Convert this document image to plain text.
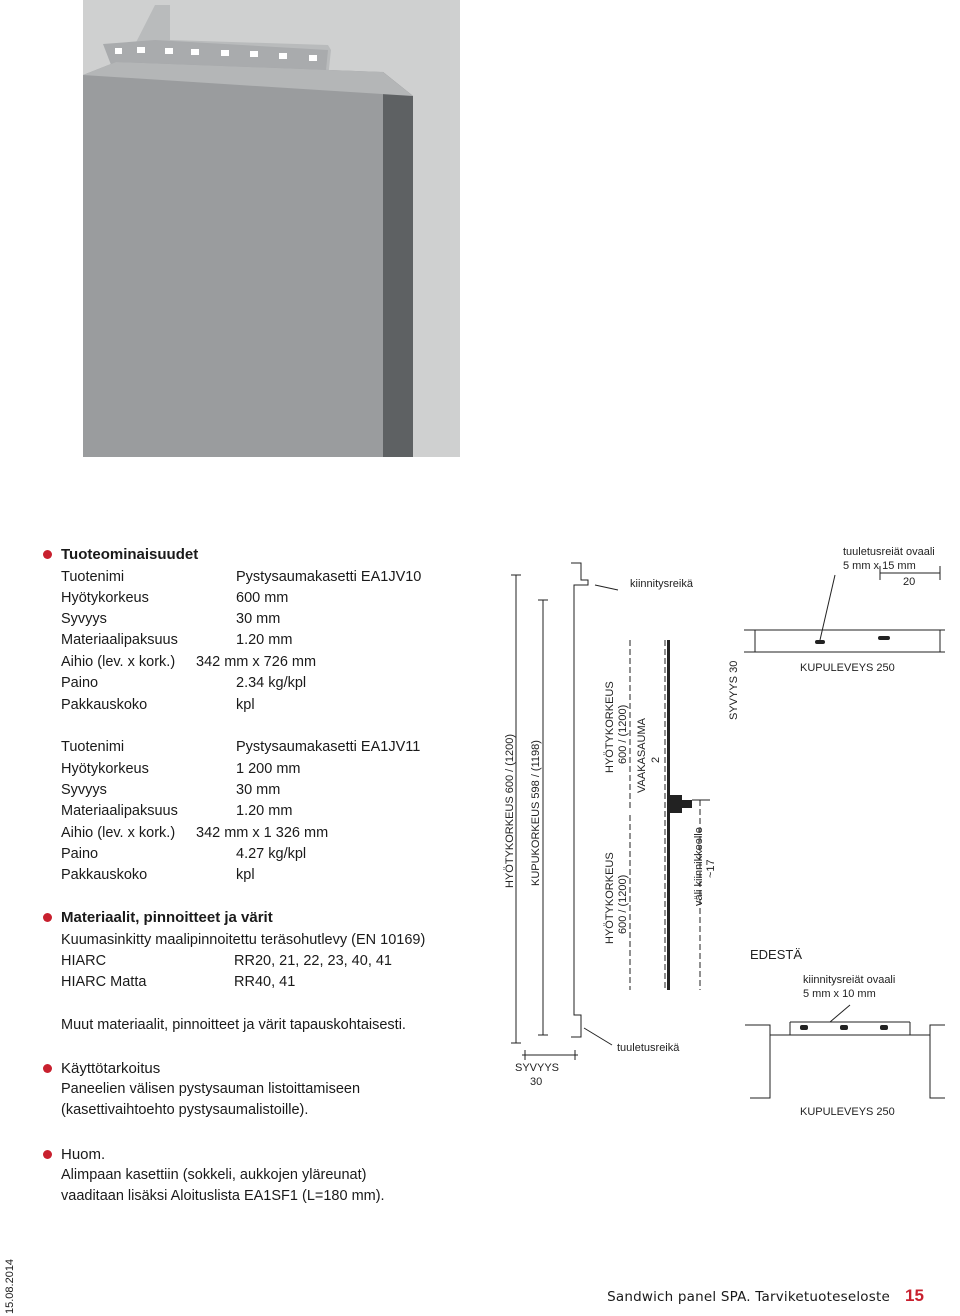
Tuoteominaisuudet
Tuotenimi	Pystysaumakasetti EA1JV10
Hyötykorkeus	600 mm
Syvyys	30 mm
Materiaalipaksuus	1.20 mm
Aihio (lev. x kork.) 342 mm x 726 mm
Paino	2.34 kg/kpl
Pakkauskoko	kpl
Tuotenimi	Pystysaumakasetti EA1JV11
Hyötykorkeus	1 200 mm
Syvyys	30 mm
Materiaalipaksuus	1.20 mm
Aihio (lev. x kork.) 342 mm x 1 326 mm
Paino	4.27 kg/kpl
Pakkauskoko	kpl
Materiaalit, pinnoitteet ja värit
Kuumasinkitty maalipinnoitettu teräsohutlevy (EN 10169)
HIARC	RR20, 21, 22, 23, 40, 41
HIARC Matta	RR40, 41
Muut materiaalit, pinnoitteet ja värit tapauskohtaisesti.
Käyttötarkoitus
Paneelien välisen pystysauman listoittamiseen
(kasettivaihtoehto pystysaumalistoille).
Huom.
Alimpaan kasettiin (sokkeli, aukkojen yläreunat)
vaaditaan lisäksi Aloituslista EA1SF1 (L=180 mm).
HYÖTYKORKEUS 600 / (1200) KUPUKORKEUS 598 / (1198)
kiinnitysreikä
tuuletusreikä
SYVYYS
30
HYÖTYKORKEUS 600 / (1200)
HYÖTYKORKEUS 600 / (1200)
VAAKASAUMA 2
väli kiinnikkeelle ~17
SYVYYS 30
tuuletusreiät ovaali
5 mm x 15 mm
20
KUPULEVEYS 250
EDESTÄ
kiinnitysreiät ovaali
5 mm x 10 mm
KUPULEVEYS 250
15.08.2014	Sandwich panel SPA. Tarviketuoteseloste 15
